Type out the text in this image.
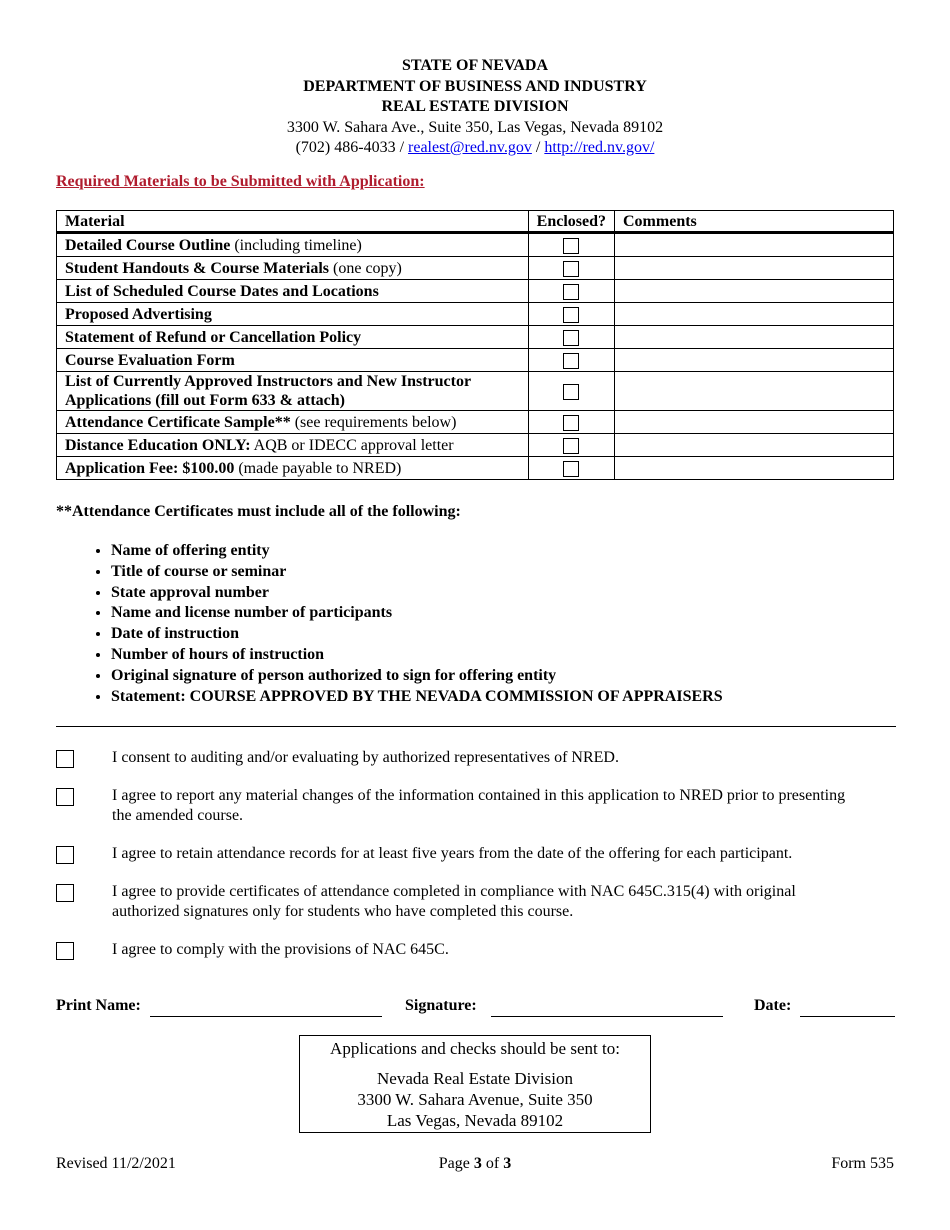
STATE OF NEVADA
DEPARTMENT OF BUSINESS AND INDUSTRY
REAL ESTATE DIVISION
3300 W. Sahara Ave., Suite 350, Las Vegas, Nevada 89102
(702) 486-4033 / realest@red.nv.gov / http://red.nv.gov/
Required Materials to be Submitted with Application:
Material	Enclosed?	Comments
Detailed Course Outline (including timeline)		
Student Handouts & Course Materials (one copy)		
List of Scheduled Course Dates and Locations		
Proposed Advertising		
Statement of Refund or Cancellation Policy		
Course Evaluation Form		
List of Currently Approved Instructors and New Instructor Applications (fill out Form 633 & attach)		
Attendance Certificate Sample** (see requirements below)		
Distance Education ONLY: AQB or IDECC approval letter		
Application Fee: $100.00 (made payable to NRED)		
**Attendance Certificates must include all of the following:
• Name of offering entity
• Title of course or seminar
• State approval number
• Name and license number of participants
• Date of instruction
• Number of hours of instruction
• Original signature of person authorized to sign for offering entity
• Statement: COURSE APPROVED BY THE NEVADA COMMISSION OF APPRAISERS
I consent to auditing and/or evaluating by authorized representatives of NRED.
I agree to report any material changes of the information contained in this application to NRED prior to presenting the amended course.
I agree to retain attendance records for at least five years from the date of the offering for each participant.
I agree to provide certificates of attendance completed in compliance with NAC 645C.315(4) with original authorized signatures only for students who have completed this course.
I agree to comply with the provisions of NAC 645C.
Print Name:	Signature:	Date:
Applications and checks should be sent to:
Nevada Real Estate Division
3300 W. Sahara Avenue, Suite 350
Las Vegas, Nevada 89102
Revised 11/2/2021	Page 3 of 3	Form 535
